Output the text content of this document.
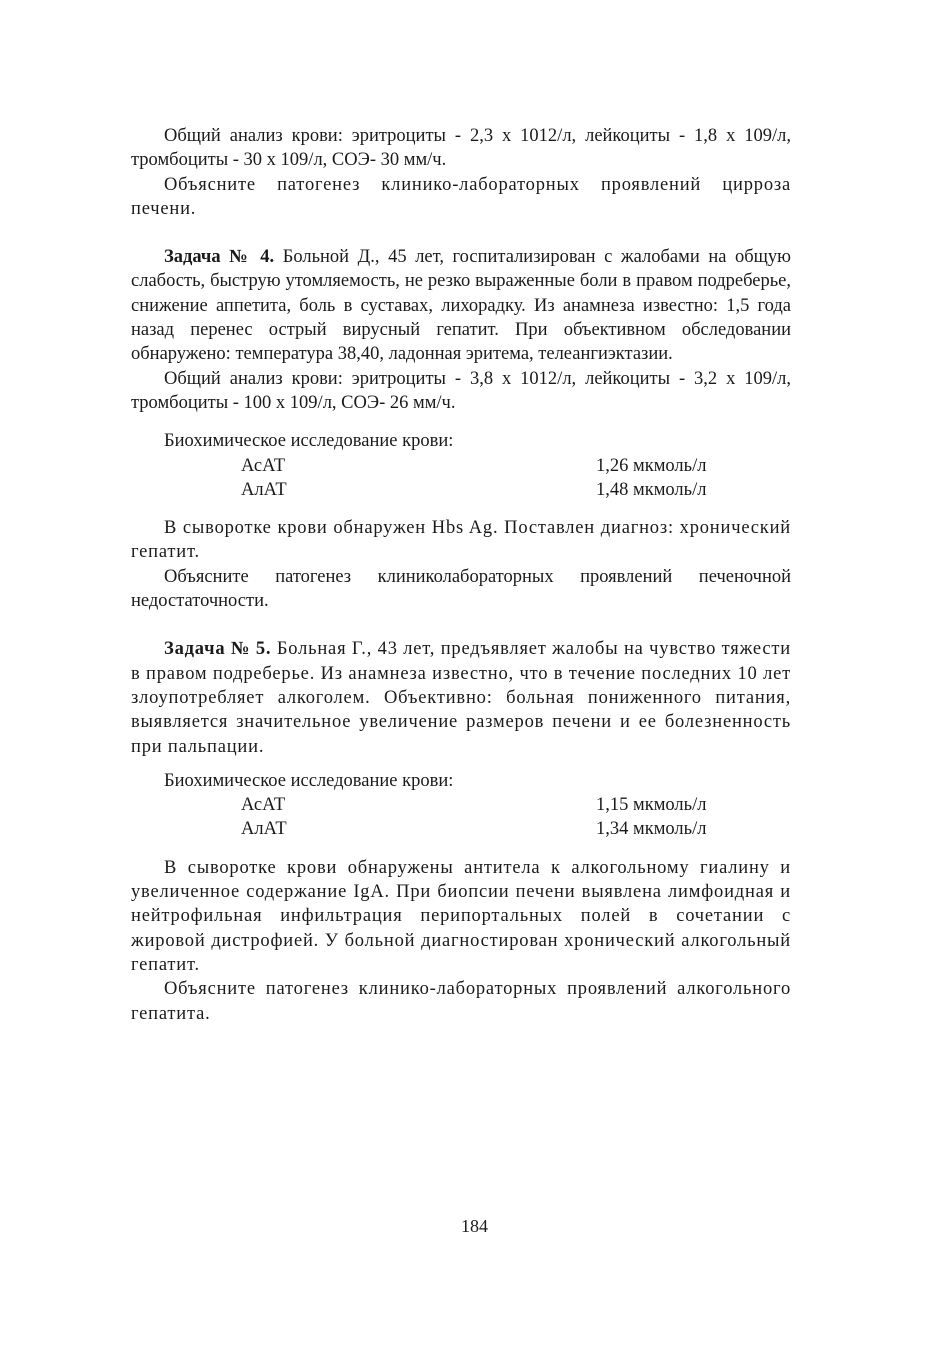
Общий анализ крови: эритроциты - 2,3 х 1012/л, лейкоциты - 1,8 х 109/л, тромбоциты - 30 х 109/л, СОЭ- 30 мм/ч.

Объясните патогенез клинико-лабораторных проявлений цирроза печени.

Задача № 4. Больной Д., 45 лет, госпитализирован с жалобами на общую слабость, быструю утомляемость, не резко выраженные боли в правом подреберье, снижение аппетита, боль в суставах, лихорадку. Из анамнеза известно: 1,5 года назад перенес острый вирусный гепатит. При объективном обследовании обнаружено: температура 38,40, ладонная эритема, телеангиэктазии.

Общий анализ крови: эритроциты - 3,8 х 1012/л, лейкоциты - 3,2 х 109/л, тромбоциты - 100 х 109/л, СОЭ- 26 мм/ч.

Биохимическое исследование крови:

АсАТ	1,26 мкмоль/л
АлАТ	1,48 мкмоль/л

В сыворотке крови обнаружен Hbs Ag. Поставлен диагноз: хронический гепатит.

Объясните патогенез клиниколабораторных проявлений печеночной недостаточности.

Задача № 5. Больная Г., 43 лет, предъявляет жалобы на чувство тяжести в правом подреберье. Из анамнеза известно, что в течение последних 10 лет злоупотребляет алкоголем. Объективно: больная пониженного питания, выявляется значительное увеличение размеров печени и ее болезненность при пальпации.

Биохимическое исследование крови:

АсАТ	1,15 мкмоль/л
АлАТ	1,34 мкмоль/л

В сыворотке крови обнаружены антитела к алкогольному гиалину и увеличенное содержание IgA. При биопсии печени выявлена лимфоидная и нейтрофильная инфильтрация перипортальных полей в сочетании с жировой дистрофией. У больной диагностирован хронический алкогольный гепатит.

Объясните патогенез клинико-лабораторных проявлений алкогольного гепатита.

184
